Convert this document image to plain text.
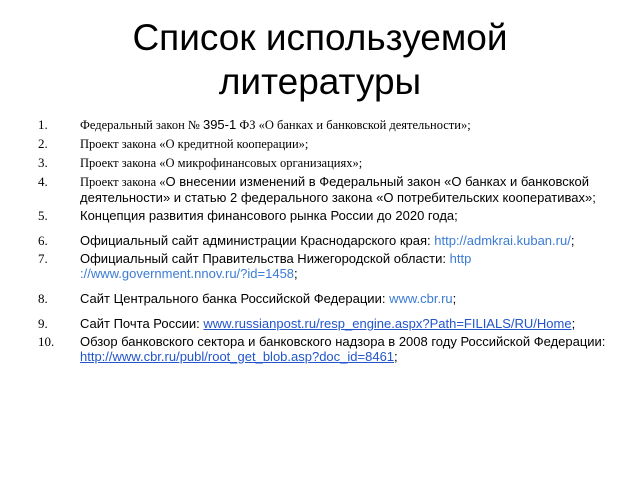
Список используемой
литературы
1.	Федеральный закон № 395-1 ФЗ «О банках и банковской деятельности»;
2.	Проект закона «О кредитной кооперации»;
3.	Проект закона «О микрофинансовых организациях»;
4.	Проект закона «О внесении изменений в Федеральный закон «О банках и банковской деятельности» и статью 2 федерального закона «О потребительских кооперативах»;
5. Концепция развития финансового рынка России до 2020 года;
6. Официальный сайт администрации Краснодарского края: http://admkrai.kuban.ru/;
7. Официальный сайт Правительства Нижегородской области: http ://www.government.nnov.ru/?id=1458;
8. Сайт Центрального банка Российской Федерации: www.cbr.ru;
9. Сайт Почта России: www.russianpost.ru/resp_engine.aspx?Path=FILIALS/RU/Home;
10. Обзор банковского сектора и банковского надзора в 2008 году Российской Федерации: http://www.cbr.ru/publ/root_get_blob.asp?doc_id=8461;
